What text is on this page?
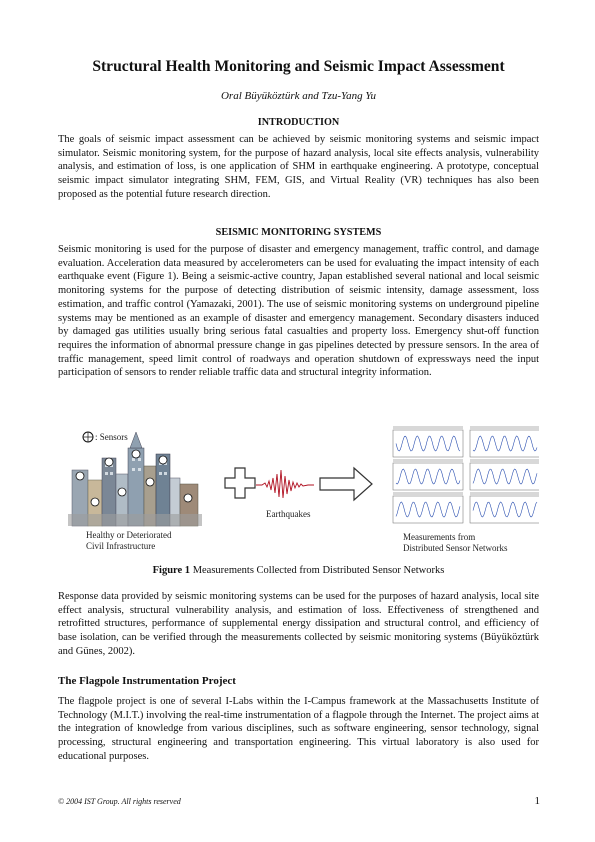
Structural Health Monitoring and Seismic Impact Assessment
Oral Büyüköztürk and Tzu-Yang Yu
INTRODUCTION

The goals of seismic impact assessment can be achieved by seismic monitoring systems and seismic impact simulator. Seismic monitoring system, for the purpose of hazard analysis, local site effects analysis, vulnerability analysis, and estimation of loss, is one application of SHM in earthquake engineering. A prototype, conceptual seismic impact simulator integrating SHM, FEM, GIS, and Virtual Reality (VR) techniques has also been proposed as the potential future research direction.

SEISMIC MONITORING SYSTEMS

Seismic monitoring is used for the purpose of disaster and emergency management, traffic control, and damage evaluation. Acceleration data measured by accelerometers can be used for evaluating the impact intensity of each earthquake event (Figure 1). Being a seismic-active country, Japan established several national and local seismic monitoring systems for the purpose of detecting distribution of seismic intensity, damage assessment, loss estimation, and traffic control (Yamazaki, 2001). The use of seismic monitoring systems on underground pipeline systems may be mentioned as an example of disaster and emergency management. Secondary disasters induced by damaged gas utilities usually bring serious fatal casualties and property loss. Emergency shut-off function requires the information of abnormal pressure change in gas pipelines detected by pressure sensors. In the area of traffic management, speed limit control of roadways and operation shutdown of expressways need the input participation of sensors to render reliable traffic data and structural integrity information.

: Sensors
Healthy or Deteriorated
Civil Infrastructure
Earthquakes
Measurements from
Distributed Sensor Networks
Figure 1 Measurements Collected from Distributed Sensor Networks

Response data provided by seismic monitoring systems can be used for the purposes of hazard analysis, local site effect analysis, structural vulnerability analysis, and estimation of loss. Effectiveness of strengthened and retrofitted structures, performance of supplemental energy dissipation and structural control, and efficiency of base isolation, can be verified through the measurements collected by seismic monitoring systems (Büyüköztürk and Günes, 2002).

The Flagpole Instrumentation Project

The flagpole project is one of several I-Labs within the I-Campus framework at the Massachusetts Institute of Technology (M.I.T.) involving the real-time instrumentation of a flagpole through the Internet. The project aims at the integration of knowledge from various disciplines, such as software engineering, sensor technology, signal processing, structural engineering and transportation engineering. This virtual laboratory is also used for educational purposes.

© 2004 IST Group. All rights reserved	1
